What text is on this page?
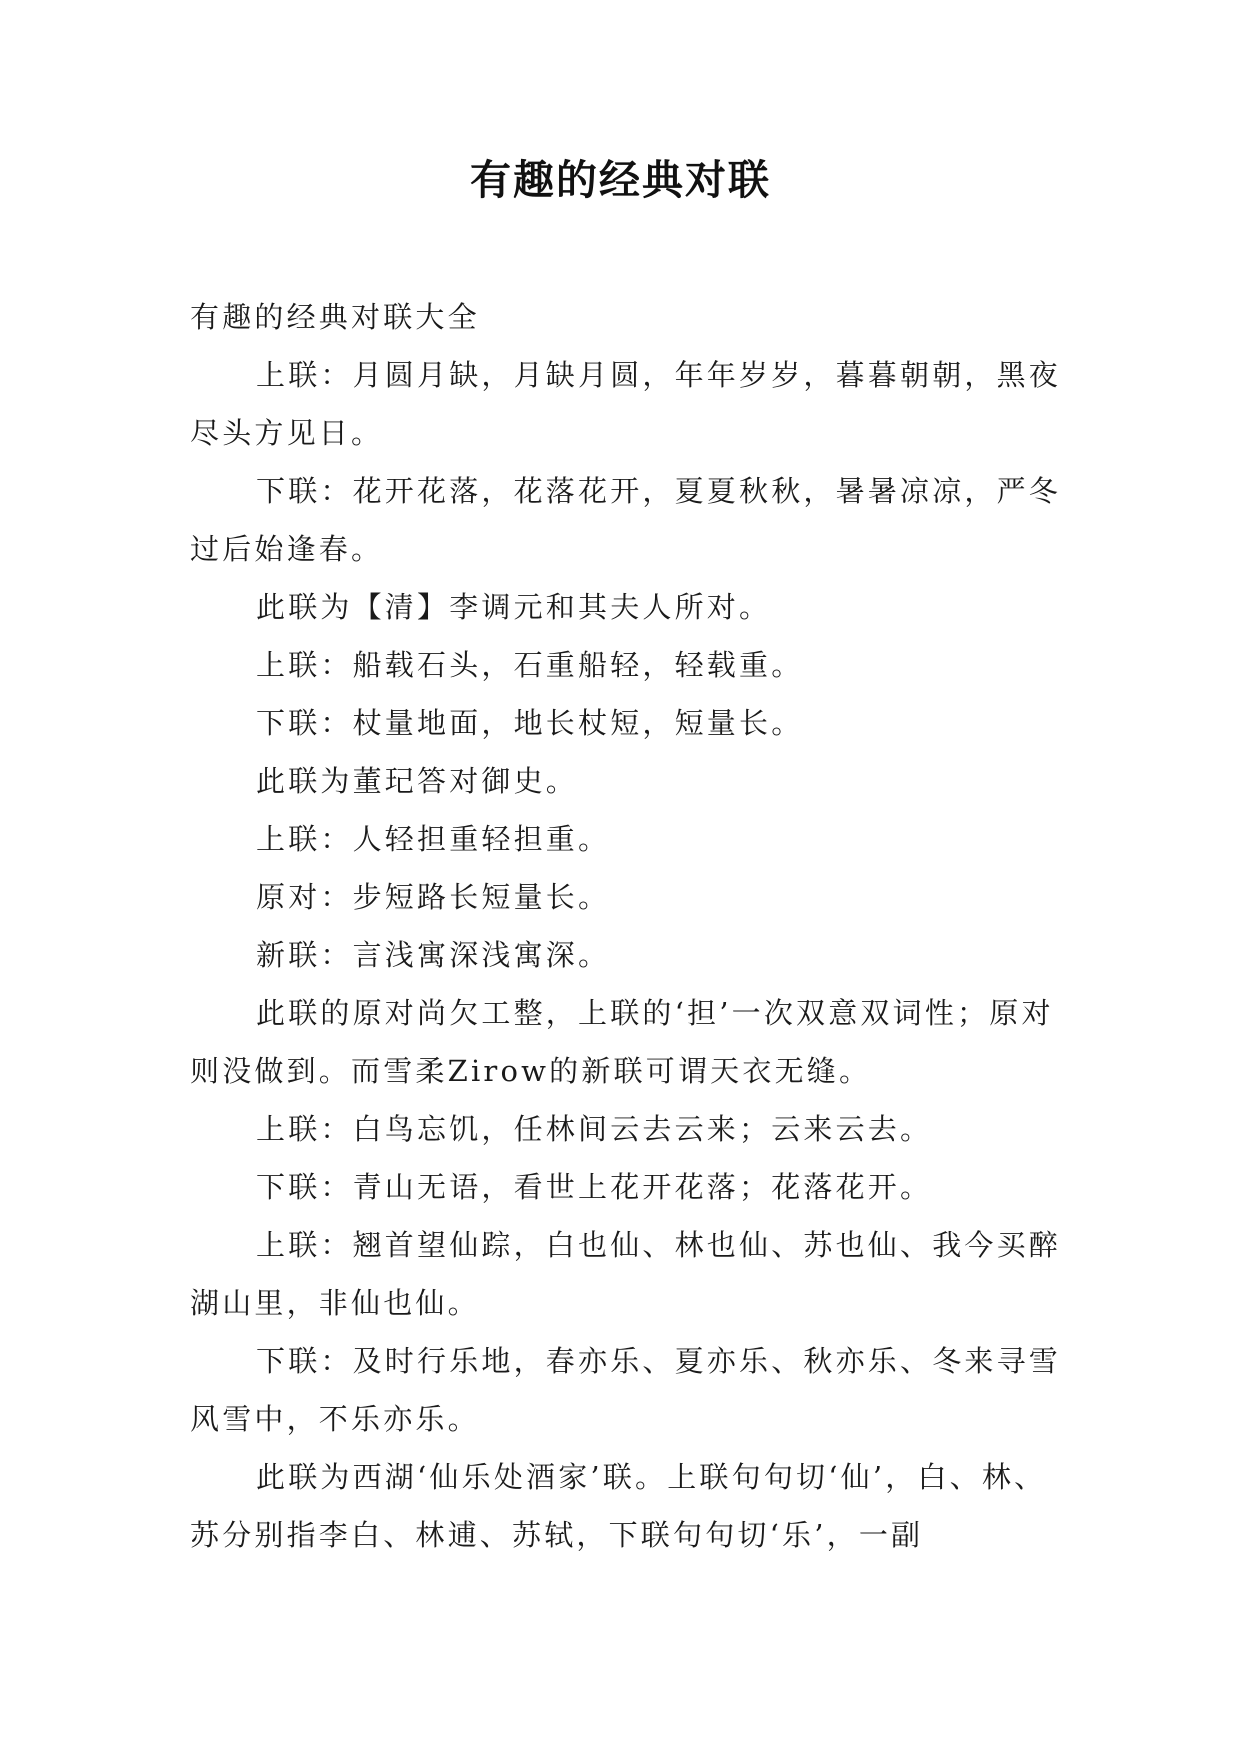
有趣的经典对联

有趣的经典对联大全

上联：月圆月缺，月缺月圆，年年岁岁，暮暮朝朝，黑夜尽头方见日。

下联：花开花落，花落花开，夏夏秋秋，暑暑凉凉，严冬过后始逢春。

此联为【清】李调元和其夫人所对。

上联：船载石头，石重船轻，轻载重。

下联：杖量地面，地长杖短，短量长。

此联为董玘答对御史。

上联：人轻担重轻担重。

原对：步短路长短量长。

新联：言浅寓深浅寓深。

此联的原对尚欠工整，上联的‘担’一次双意双词性；原对则没做到。而雪柔Zirow的新联可谓天衣无缝。

上联：白鸟忘饥，任林间云去云来；云来云去。

下联：青山无语，看世上花开花落；花落花开。

上联：翘首望仙踪，白也仙、林也仙、苏也仙、我今买醉湖山里，非仙也仙。

下联：及时行乐地，春亦乐、夏亦乐、秋亦乐、冬来寻雪风雪中，不乐亦乐。

此联为西湖‘仙乐处酒家’联。上联句句切‘仙’，白、林、苏分别指李白、林逋、苏轼，下联句句切‘乐’，一副
